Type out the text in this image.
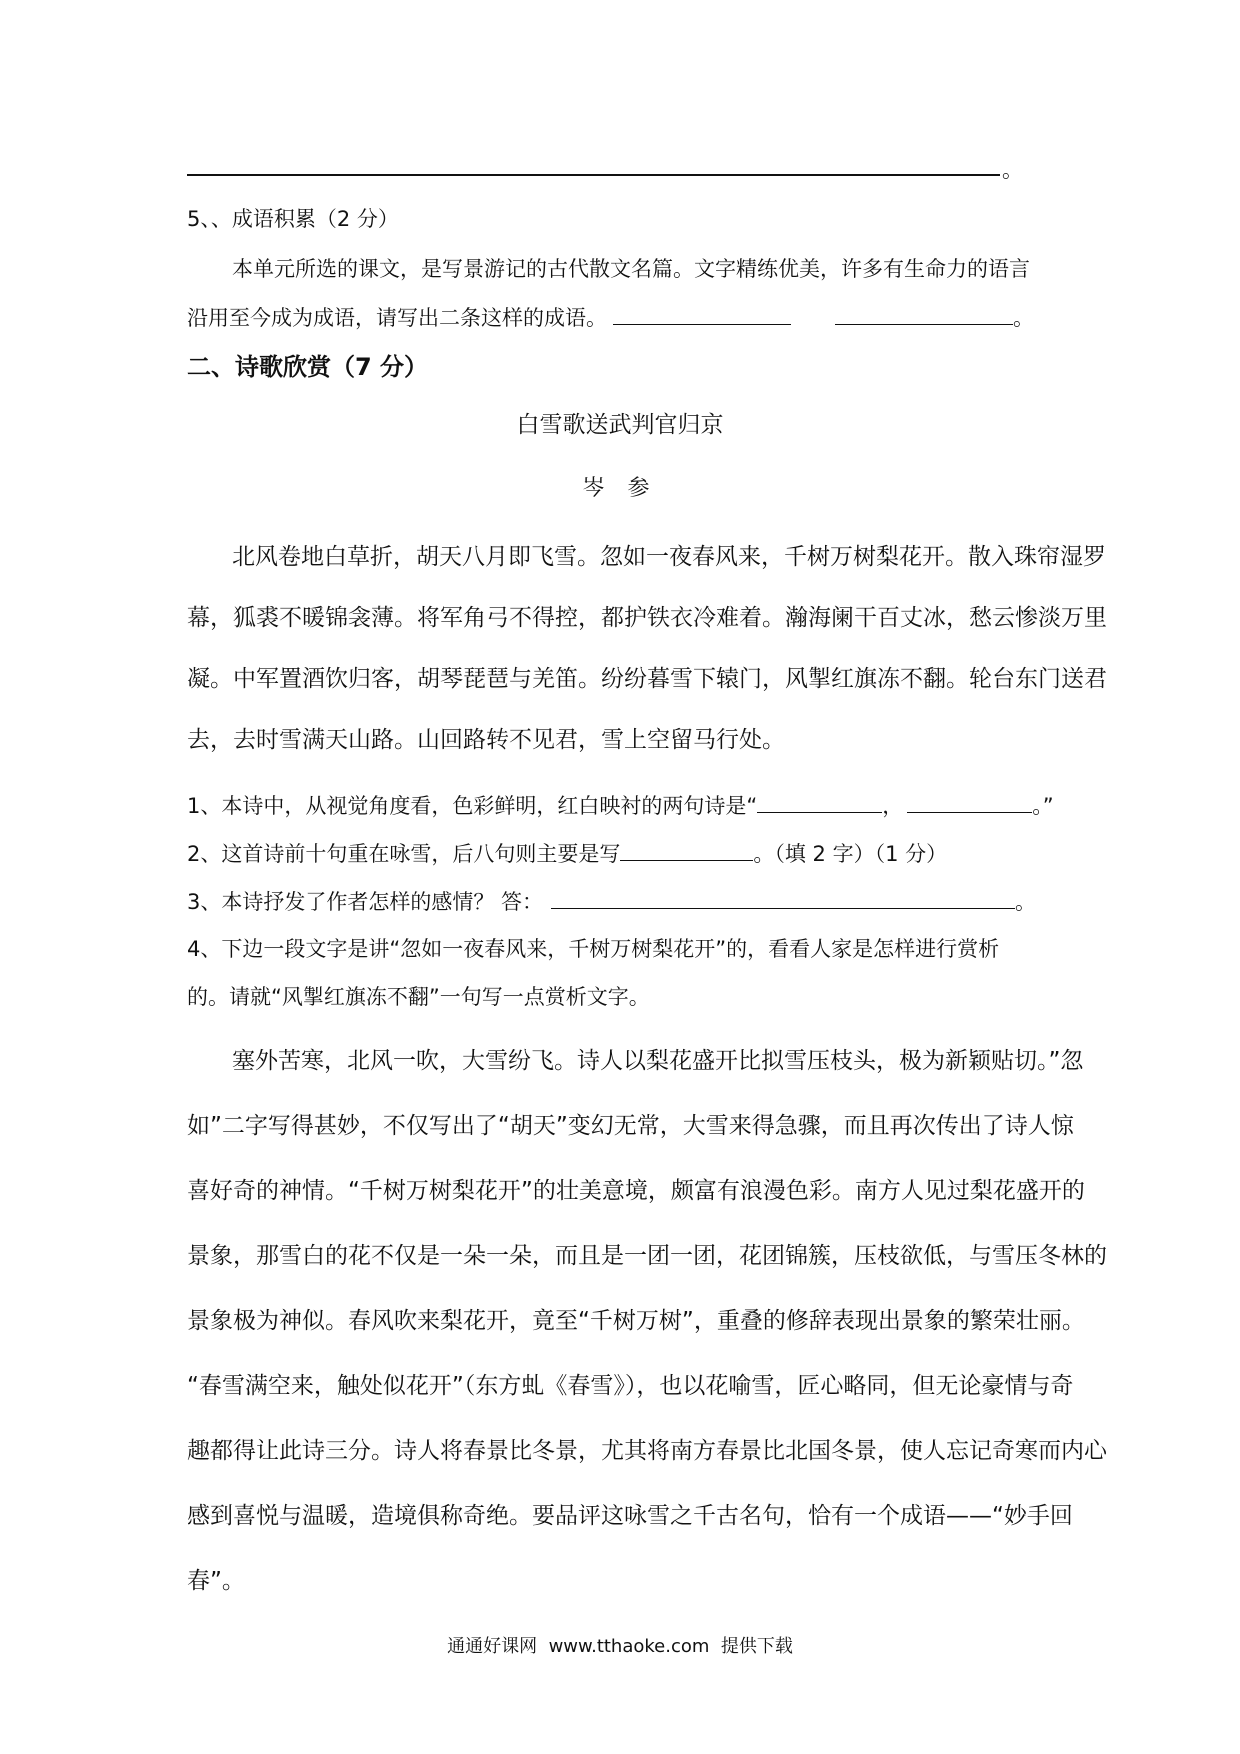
。
5、、成语积累（2 分）
本单元所选的课文，是写景游记的古代散文名篇。文字精练优美，许多有生命力的语言
沿用至今成为成语，请写出二条这样的成语。	。
二、诗歌欣赏（7 分）
白雪歌送武判官归京
岑 参
北风卷地白草折，胡天八月即飞雪。忽如一夜春风来，千树万树梨花开。散入珠帘湿罗
幕，狐裘不暖锦衾薄。将军角弓不得控，都护铁衣冷难着。瀚海阑干百丈冰，愁云惨淡万里
凝。中军置酒饮归客，胡琴琵琶与羌笛。纷纷暮雪下辕门，风掣红旗冻不翻。轮台东门送君
去，去时雪满天山路。山回路转不见君，雪上空留马行处。
1、本诗中，从视觉角度看，色彩鲜明，红白映衬的两句诗是“	，	。”
2、这首诗前十句重在咏雪，后八句则主要是写	。（填 2 字）（1 分）
3、本诗抒发了作者怎样的感情？ 答：	。
4、下边一段文字是讲“忽如一夜春风来，千树万树梨花开”的，看看人家是怎样进行赏析
的。请就“风掣红旗冻不翻”一句写一点赏析文字。
塞外苦寒，北风一吹，大雪纷飞。诗人以梨花盛开比拟雪压枝头，极为新颖贴切。”忽
如”二字写得甚妙，不仅写出了“胡天”变幻无常，大雪来得急骤，而且再次传出了诗人惊
喜好奇的神情。“千树万树梨花开”的壮美意境，颇富有浪漫色彩。南方人见过梨花盛开的
景象，那雪白的花不仅是一朵一朵，而且是一团一团，花团锦簇，压枝欲低，与雪压冬林的
景象极为神似。春风吹来梨花开，竟至“千树万树”，重叠的修辞表现出景象的繁荣壮丽。
“春雪满空来，触处似花开”（东方虬《春雪》），也以花喻雪，匠心略同，但无论豪情与奇
趣都得让此诗三分。诗人将春景比冬景，尤其将南方春景比北国冬景，使人忘记奇寒而内心
感到喜悦与温暖，造境俱称奇绝。要品评这咏雪之千古名句，恰有一个成语——“妙手回
春”。
通通好课网  www.tthaoke.com  提供下载
